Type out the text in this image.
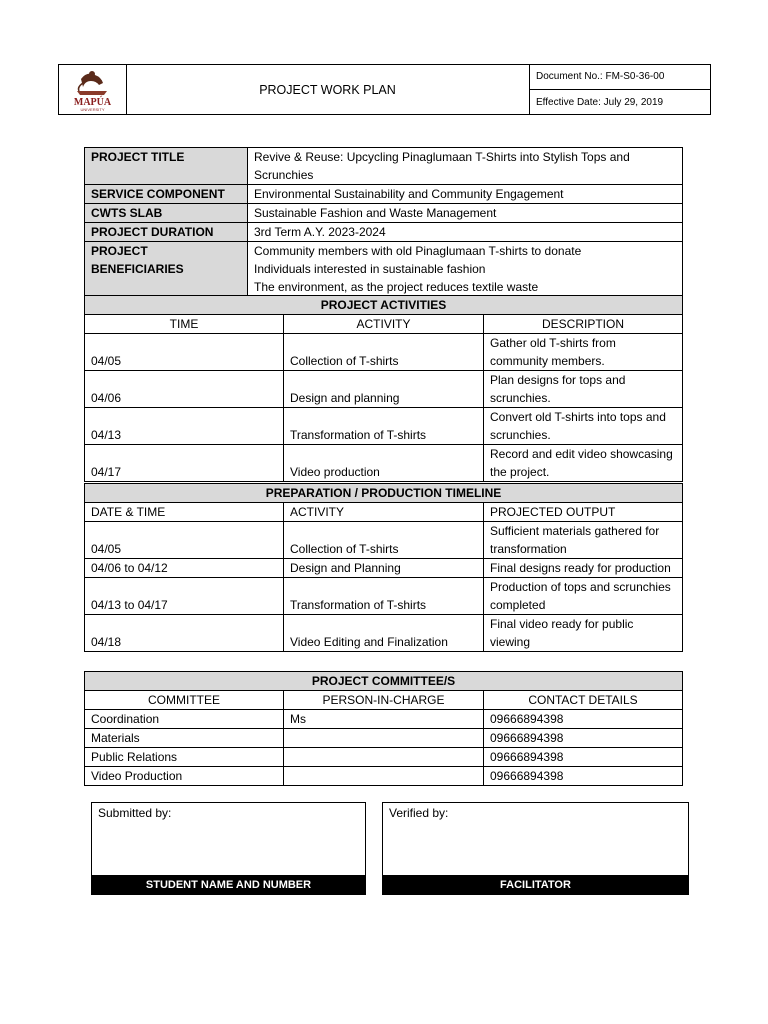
MAPÚA
UNIVERSITY
PROJECT WORK PLAN
Document No.: FM-S0-36-00
Effective Date: July 29, 2019
PROJECT TITLE	Revive & Reuse: Upcycling Pinaglumaan T-Shirts into Stylish Tops and Scrunchies
SERVICE COMPONENT	Environmental Sustainability and Community Engagement
CWTS SLAB	Sustainable Fashion and Waste Management
PROJECT DURATION	3rd Term A.Y. 2023-2024
PROJECT BENEFICIARIES	Community members with old Pinaglumaan T-shirts to donate
Individuals interested in sustainable fashion
The environment, as the project reduces textile waste
PROJECT ACTIVITIES		
TIME	ACTIVITY	DESCRIPTION
04/05	Collection of T-shirts	Gather old T-shirts from community members.
04/06	Design and planning	Plan designs for tops and scrunchies.
04/13	Transformation of T-shirts	Convert old T-shirts into tops and scrunchies.
04/17	Video production	Record and edit video showcasing the project.
PREPARATION / PRODUCTION TIMELINE		
DATE & TIME	ACTIVITY	PROJECTED OUTPUT
04/05	Collection of T-shirts	Sufficient materials gathered for transformation
04/06 to 04/12	Design and Planning	Final designs ready for production
04/13 to 04/17	Transformation of T-shirts	Production of tops and scrunchies completed
04/18	Video Editing and Finalization	Final video ready for public viewing
PROJECT COMMITTEE/S		
COMMITTEE	PERSON-IN-CHARGE	CONTACT DETAILS
Coordination	Ms	09666894398
Materials		09666894398
Public Relations		09666894398
Video Production		09666894398
Submitted by:
STUDENT NAME AND NUMBER
Verified by:
FACILITATOR
